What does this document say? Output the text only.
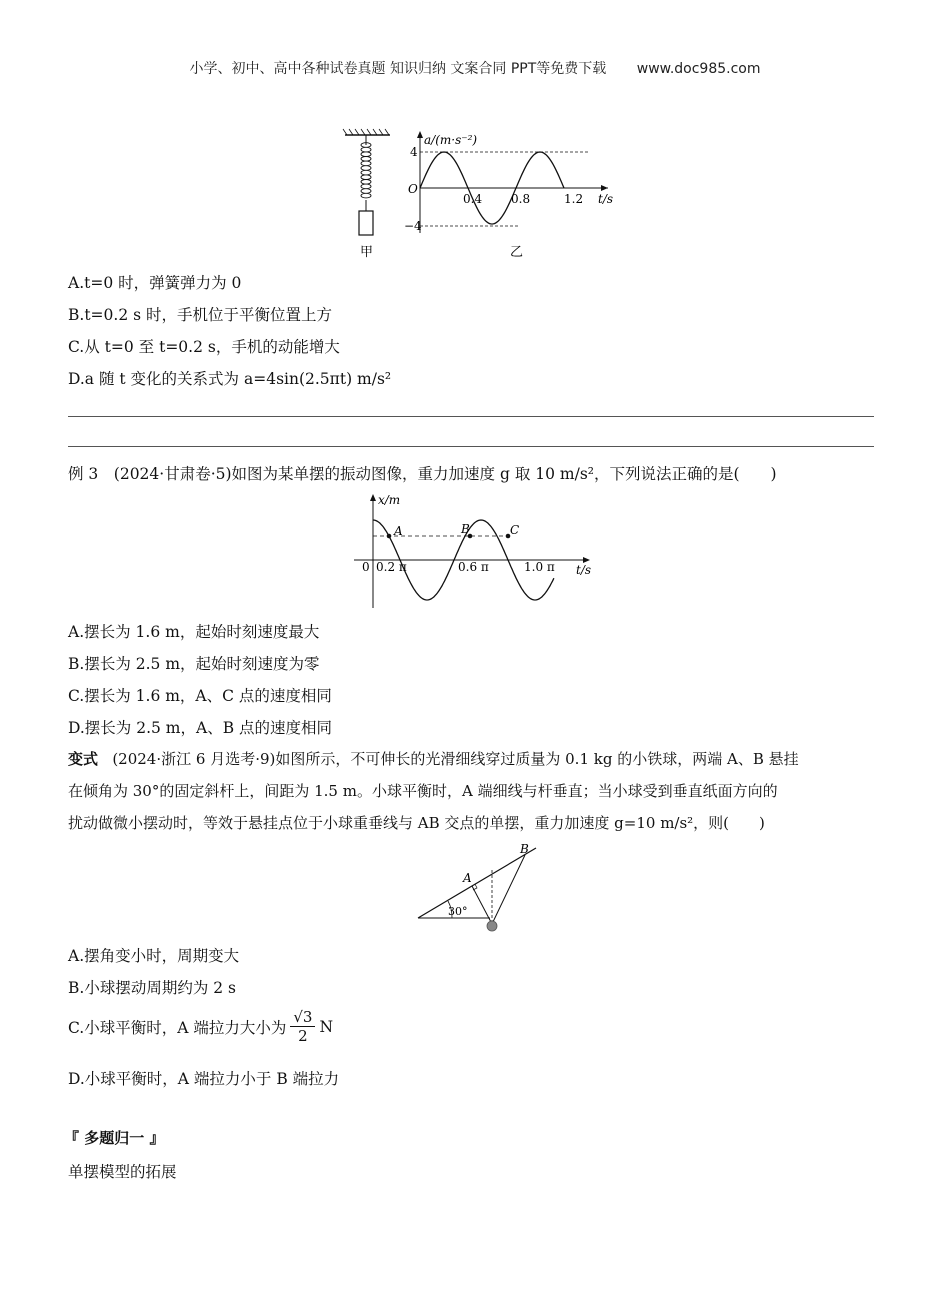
小学、初中、高中各种试卷真题 知识归纳 文案合同 PPT等免费下载 www.doc985.com
甲
a/(m·s⁻²)
t/s
O
4
−4
0.4 0.8	1.2
乙
A.t=0 时，弹簧弹力为 0
B.t=0.2 s 时，手机位于平衡位置上方
C.从 t=0 至 t=0.2 s，手机的动能增大
D.a 随 t 变化的关系式为 a=4sin(2.5πt) m/s²
例 3　(2024·甘肃卷·5)如图为某单摆的振动图像，重力加速度 g 取 10 m/s²，下列说法正确的是(　　)
A	B	C
x/m
t/s
0 0.2 π	0.6 π	1.0 π
A.摆长为 1.6 m，起始时刻速度最大
B.摆长为 2.5 m，起始时刻速度为零
C.摆长为 1.6 m，A、C 点的速度相同
D.摆长为 2.5 m，A、B 点的速度相同
变式 (2024·浙江 6 月选考·9)如图所示，不可伸长的光滑细线穿过质量为 0.1 kg 的小铁球，两端 A、B 悬挂
在倾角为 30°的固定斜杆上，间距为 1.5 m。小球平衡时，A 端细线与杆垂直；当小球受到垂直纸面方向的
扰动做微小摆动时，等效于悬挂点位于小球重垂线与 AB 交点的单摆，重力加速度 g=10 m/s²，则(　　)
30°
A
B
A.摆角变小时，周期变大
B.小球摆动周期约为 2 s
C.小球平衡时，A 端拉力大小为 $\frac{√3}{2}$ N
D.小球平衡时，A 端拉力小于 B 端拉力
『 多题归一 』
单摆模型的拓展
